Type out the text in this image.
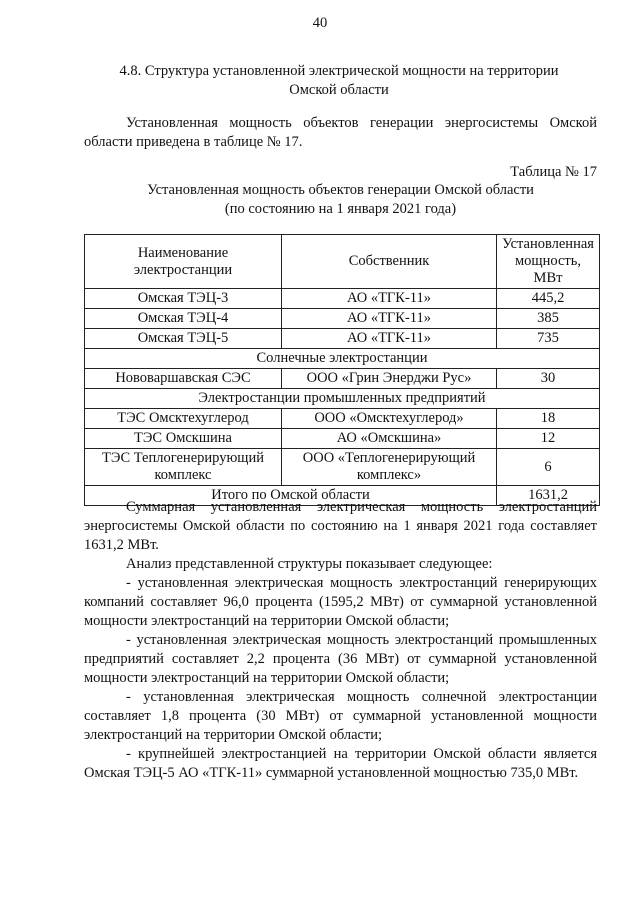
40
4.8. Структура установленной электрической мощности на территории Омской области
Установленная мощность объектов генерации энергосистемы Омской области приведена в таблице № 17.
Таблица № 17
Установленная мощность объектов генерации Омской области
(по состоянию на 1 января 2021 года)
Наименование электростанции	Собственник	Установленная мощность, МВт
Омская ТЭЦ-3	АО «ТГК-11»	445,2
Омская ТЭЦ-4	АО «ТГК-11»	385
Омская ТЭЦ-5	АО «ТГК-11»	735
Солнечные электростанции		
Нововаршавская СЭС	ООО «Грин Энерджи Рус»	30
Электростанции промышленных предприятий		
ТЭС Омсктехуглерод	ООО «Омсктехуглерод»	18
ТЭС Омскшина	АО «Омскшина»	12
ТЭС Теплогенерирующий комплекс	ООО «Теплогенерирующий комплекс»	6
Итого по Омской области		1631,2

Суммарная установленная электрическая мощность электростанций энергосистемы Омской области по состоянию на 1 января 2021 года составляет 1631,2 МВт.

Анализ представленной структуры показывает следующее:

- установленная электрическая мощность электростанций генерирующих компаний составляет 96,0 процента (1595,2 МВт) от суммарной установленной мощности электростанций на территории Омской области;

- установленная электрическая мощность электростанций промышленных предприятий составляет 2,2 процента (36 МВт) от суммарной установленной мощности электростанций на территории Омской области;

- установленная электрическая мощность солнечной электростанции составляет 1,8 процента (30 МВт) от суммарной установленной мощности электростанций на территории Омской области;

- крупнейшей электростанцией на территории Омской области является Омская ТЭЦ-5 АО «ТГК-11» суммарной установленной мощностью 735,0 МВт.
